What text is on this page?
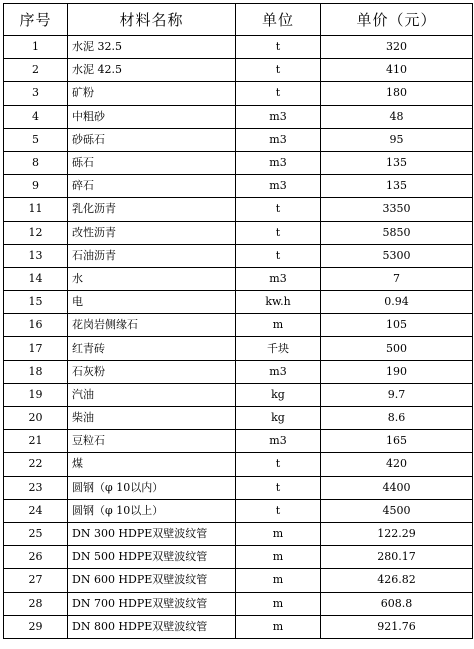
序号	材料名称	单位	单价（元）
1	水泥 32.5	t	320
2	水泥 42.5	t	410
3	矿粉	t	180
4	中粗砂	m3	48
5	砂砾石	m3	95
8	砾石	m3	135
9	碎石	m3	135
11	乳化沥青	t	3350
12	改性沥青	t	5850
13	石油沥青	t	5300
14	水	m3	7
15	电	kw.h	0.94
16	花岗岩侧缘石	m	105
17	红青砖	千块	500
18	石灰粉	m3	190
19	汽油	kg	9.7
20	柴油	kg	8.6
21	豆粒石	m3	165
22	煤	t	420
23	圆钢（φ 10以内）	t	4400
24	圆钢（φ 10以上）	t	4500
25	DN 300 HDPE双壁波纹管	m	122.29
26	DN 500 HDPE双壁波纹管	m	280.17
27	DN 600 HDPE双壁波纹管	m	426.82
28	DN 700 HDPE双壁波纹管	m	608.8
29	DN 800 HDPE双壁波纹管	m	921.76
